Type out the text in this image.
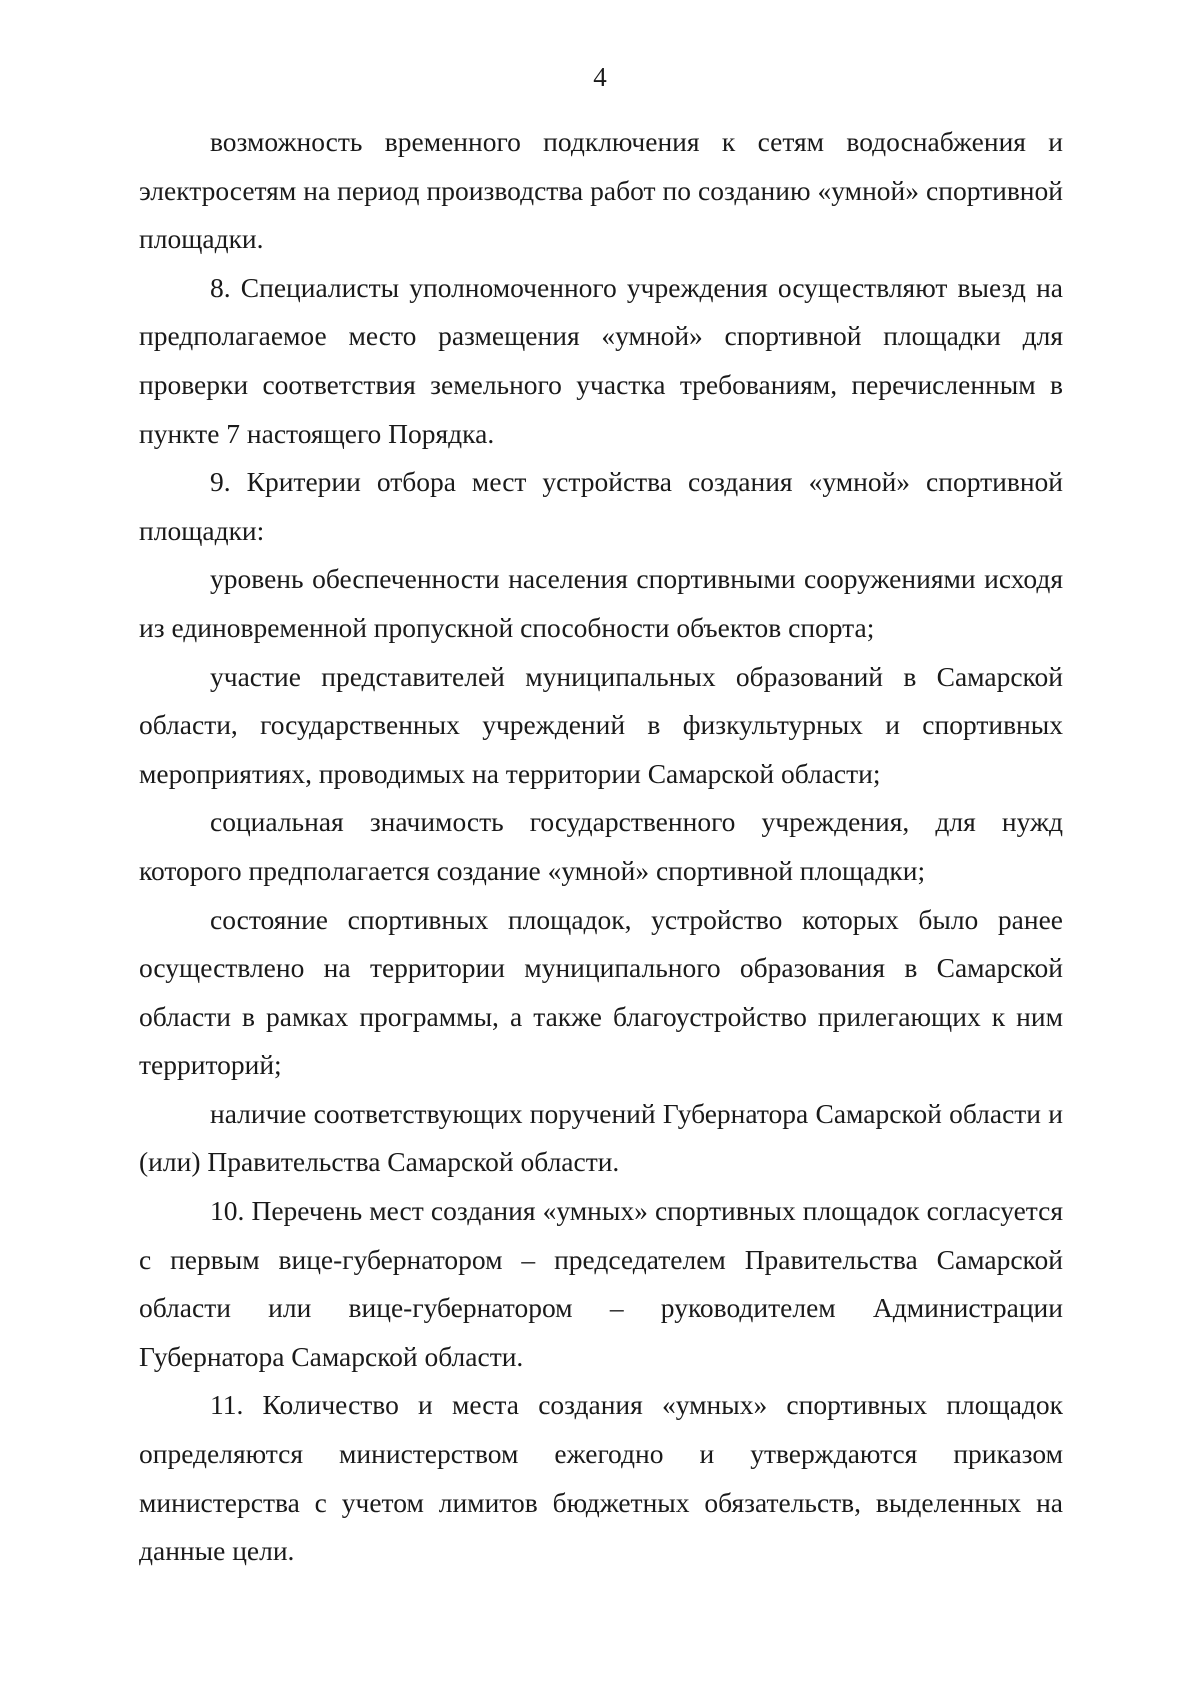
4

возможность временного подключения к сетям водоснабжения и электросетям на период производства работ по созданию «умной» спортивной площадки.

8. Специалисты уполномоченного учреждения осуществляют выезд на предполагаемое место размещения «умной» спортивной площадки для проверки соответствия земельного участка требованиям, перечисленным в пункте 7 настоящего Порядка.

9. Критерии отбора мест устройства создания «умной» спортивной площадки:

уровень обеспеченности населения спортивными сооружениями исходя из единовременной пропускной способности объектов спорта;

участие представителей муниципальных образований в Самарской области, государственных учреждений в физкультурных и спортивных мероприятиях, проводимых на территории Самарской области;

социальная значимость государственного учреждения, для нужд которого предполагается создание «умной» спортивной площадки;

состояние спортивных площадок, устройство которых было ранее осуществлено на территории муниципального образования в Самарской области в рамках программы, а также благоустройство прилегающих к ним территорий;

наличие соответствующих поручений Губернатора Самарской области и (или) Правительства Самарской области.

10. Перечень мест создания «умных» спортивных площадок согласуется с первым вице-губернатором – председателем Правительства Самарской области или вице-губернатором – руководителем Администрации Губернатора Самарской области.

11. Количество и места создания «умных» спортивных площадок определяются министерством ежегодно и утверждаются приказом министерства с учетом лимитов бюджетных обязательств, выделенных на данные цели.
